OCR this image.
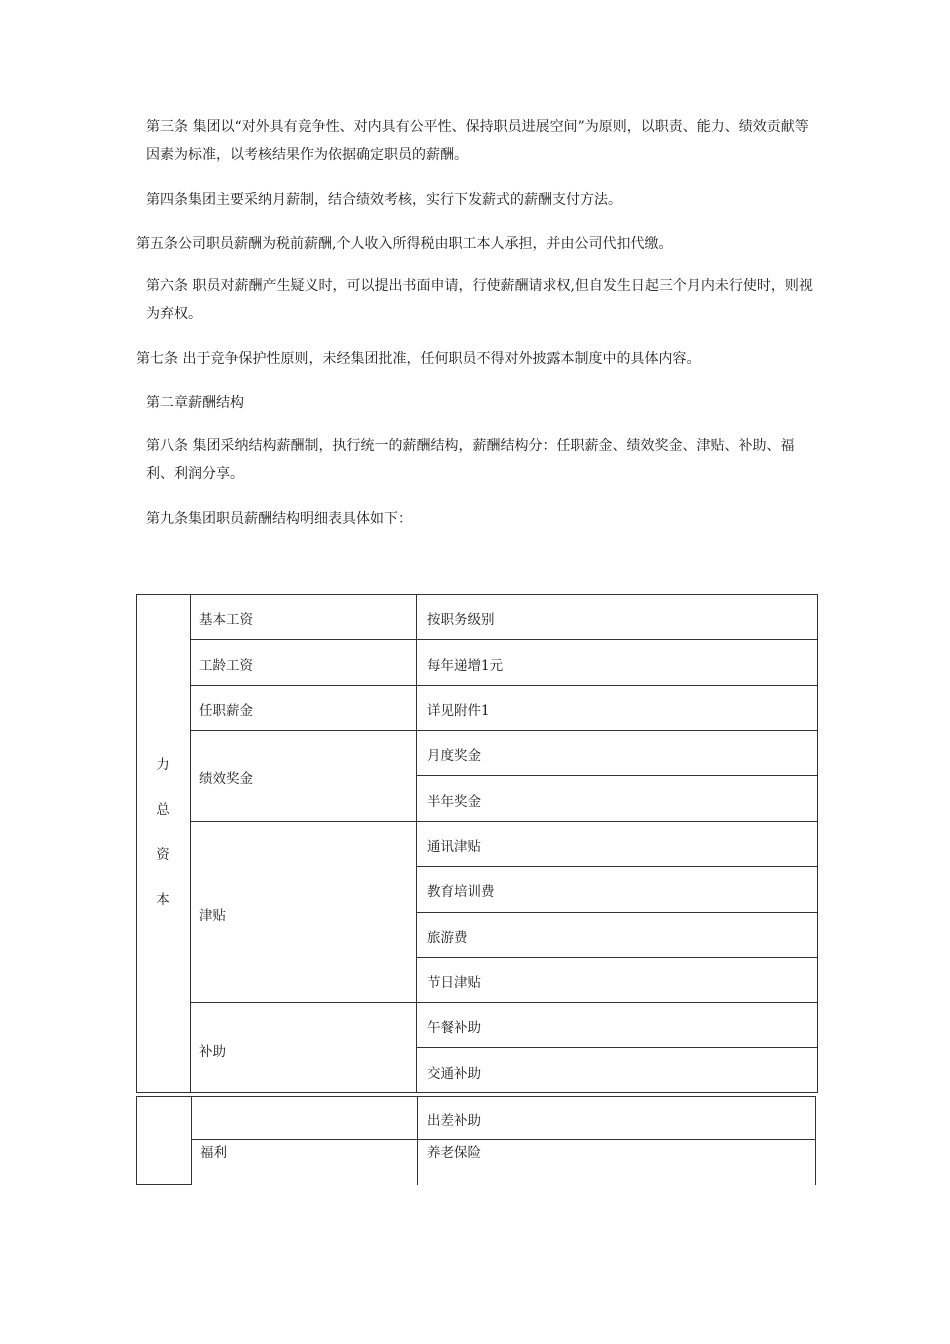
第三条 集团以“对外具有竞争性、对内具有公平性、保持职员进展空间”为原则，以职责、能力、绩效贡献等因素为标准，以考核结果作为依据确定职员的薪酬。

第四条集团主要采纳月薪制，结合绩效考核，实行下发薪式的薪酬支付方法。

第五条公司职员薪酬为税前薪酬,个人收入所得税由职工本人承担，并由公司代扣代缴。

第六条 职员对薪酬产生疑义时，可以提出书面申请，行使薪酬请求权,但自发生日起三个月内未行使时，则视为弃权。

第七条 出于竞争保护性原则，未经集团批准，任何职员不得对外披露本制度中的具体内容。

第二章薪酬结构

第八条 集团采纳结构薪酬制，执行统一的薪酬结构，薪酬结构分：任职薪金、绩效奖金、津贴、补助、福利、利润分享。

第九条集团职员薪酬结构明细表具体如下：

力
总
资
本
基本工资
工龄工资
任职薪金
绩效奖金
津贴
补助
按职务级别
每年递增1元
详见附件1
月度奖金
半年奖金
通讯津贴
教育培训费
旅游费
节日津贴
午餐补助
交通补助
出差补助
福利	养老保险
